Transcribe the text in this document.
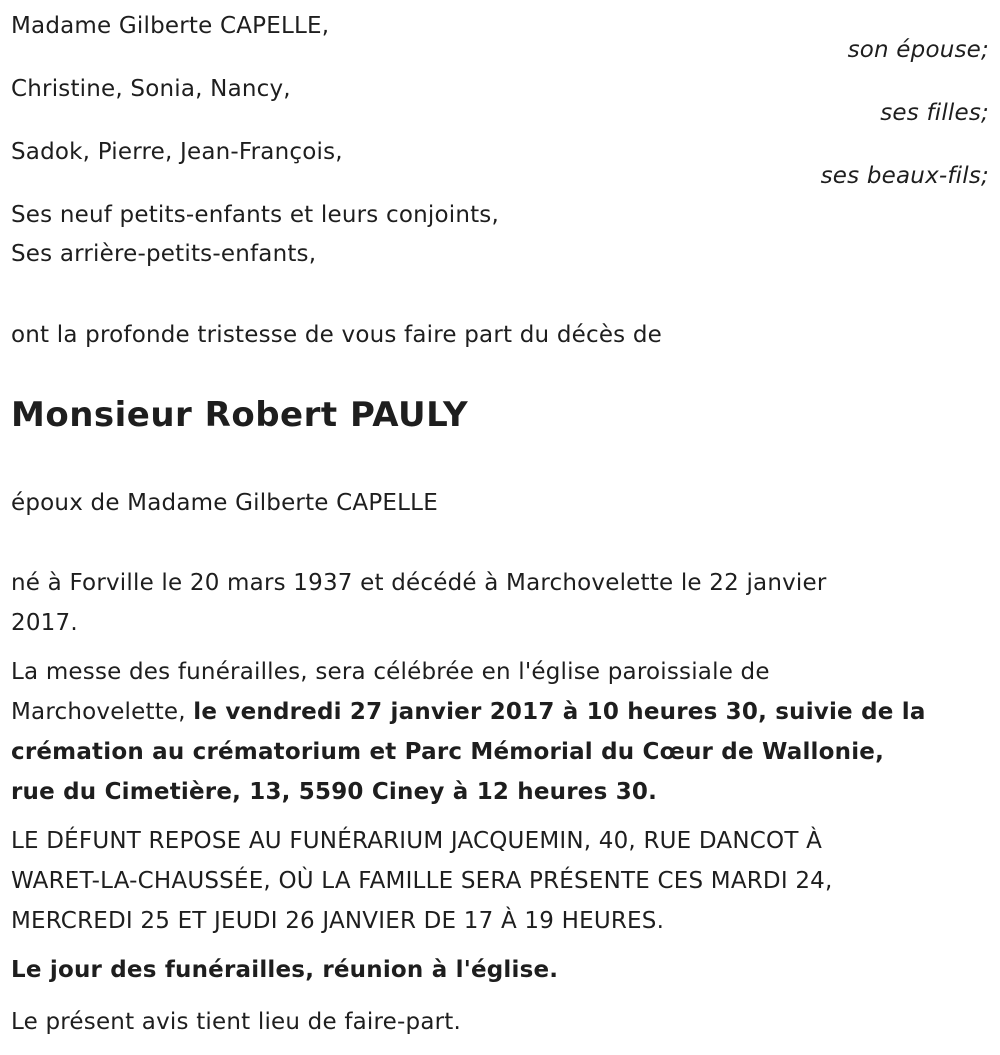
Madame Gilberte CAPELLE,
son épouse;
Christine, Sonia, Nancy,
ses filles;
Sadok, Pierre, Jean-François,
ses beaux-fils;
Ses neuf petits-enfants et leurs conjoints,
Ses arrière-petits-enfants,
ont la profonde tristesse de vous faire part du décès de
Monsieur Robert PAULY
époux de Madame Gilberte CAPELLE
né à Forville le 20 mars 1937 et décédé à Marchovelette le 22 janvier
2017.
La messe des funérailles, sera célébrée en l'église paroissiale de
Marchovelette, le vendredi 27 janvier 2017 à 10 heures 30, suivie de la
crémation au crématorium et Parc Mémorial du Cœur de Wallonie,
rue du Cimetière, 13, 5590 Ciney à 12 heures 30.
LE DÉFUNT REPOSE AU FUNÉRARIUM JACQUEMIN, 40, RUE DANCOT À
WARET-LA-CHAUSSÉE, OÙ LA FAMILLE SERA PRÉSENTE CES MARDI 24,
MERCREDI 25 ET JEUDI 26 JANVIER DE 17 À 19 HEURES.
Le jour des funérailles, réunion à l'église.
Le présent avis tient lieu de faire-part.
